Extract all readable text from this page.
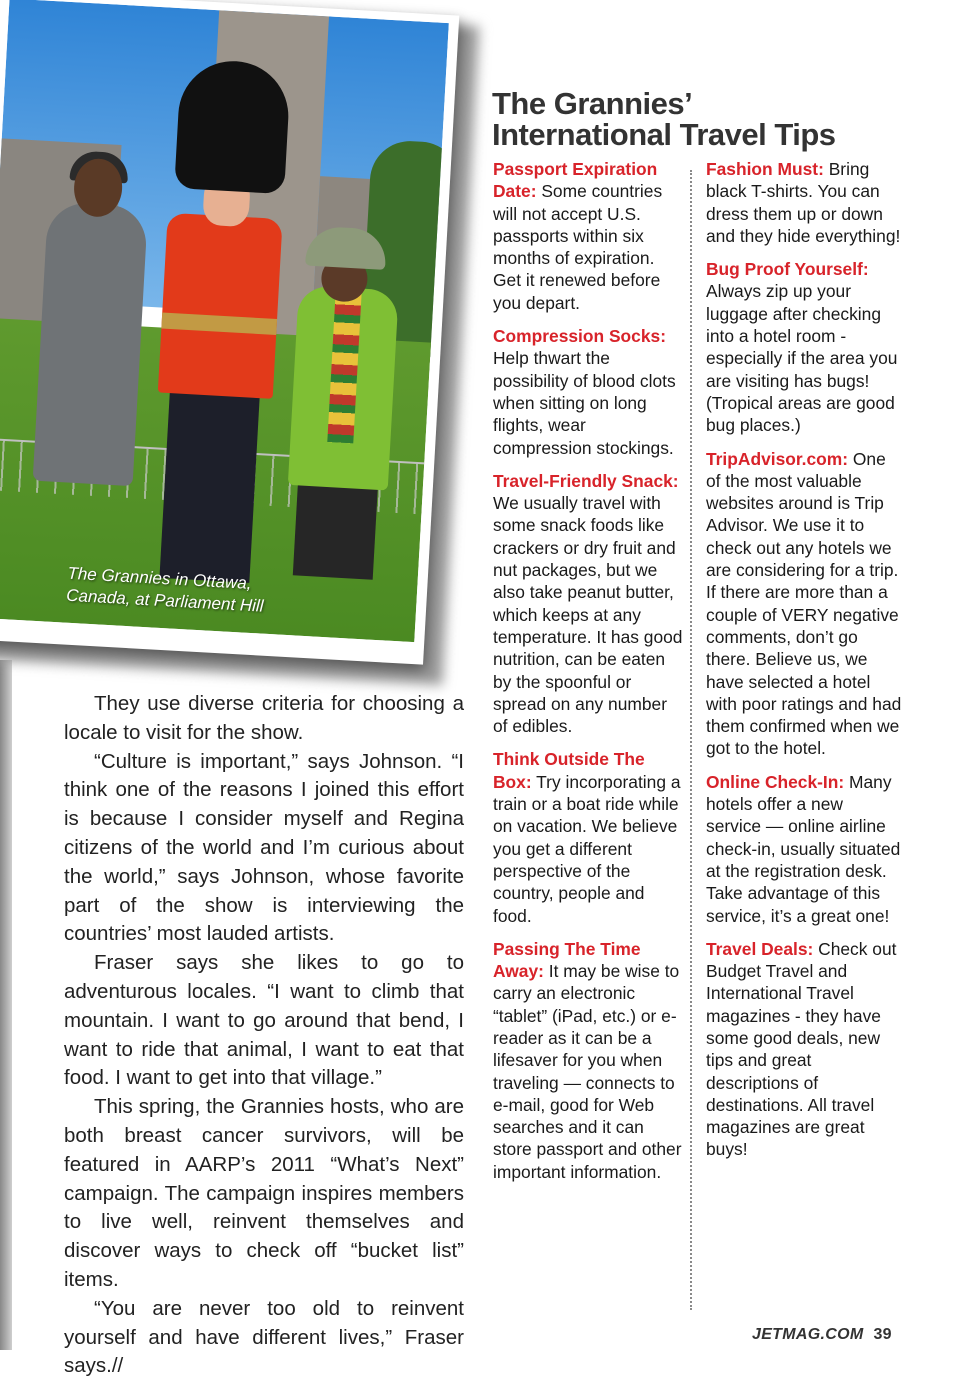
The Grannies in Ottawa,
Canada, at Parliament Hill

They use diverse criteria for choosing a locale to visit for the show.

“Culture is important,” says Johnson. “I think one of the reasons I joined this effort is because I consider myself and Regina citizens of the world and I’m curious about the world,” says Johnson, whose favorite part of the show is interviewing the countries’ most lauded artists.

Fraser says she likes to go to adventurous locales. “I want to climb that mountain. I want to go around that bend, I want to ride that animal, I want to eat that food. I want to get into that village.”

This spring, the Grannies hosts, who are both breast cancer survivors, will be featured in AARP’s 2011 “What’s Next” campaign. The campaign inspires members to live well, reinvent themselves and discover ways to check off “bucket list” items.

“You are never too old to reinvent yourself and have different lives,” Fraser says.//

The Grannies’
International Travel Tips

Passport Expiration Date: Some countries will not accept U.S. passports within six months of expiration. Get it renewed before you depart.

Compression Socks: Help thwart the possibility of blood clots when sitting on long flights, wear compression stockings.

Travel-Friendly Snack: We usually travel with some snack foods like crackers or dry fruit and nut packages, but we also take peanut butter, which keeps at any temperature. It has good nutrition, can be eaten by the spoonful or spread on any number of edibles.

Think Outside The Box: Try incorporating a train or a boat ride while on vacation. We believe you get a different perspective of the country, people and food.

Passing The Time Away: It may be wise to carry an electronic “tablet” (iPad, etc.) or e-reader as it can be a lifesaver for you when traveling — connects to e-mail, good for Web searches and it can store passport and other important information.

Fashion Must: Bring black T-shirts. You can dress them up or down and they hide everything!

Bug Proof Yourself: Always zip up your luggage after checking into a hotel room - especially if the area you are visiting has bugs! (Tropical areas are good bug places.)

TripAdvisor.com: One of the most valuable websites around is Trip Advisor. We use it to check out any hotels we are considering for a trip. If there are more than a couple of VERY negative comments, don’t go there. Believe us, we have selected a hotel with poor ratings and had them confirmed when we got to the hotel.

Online Check-In: Many hotels offer a new service — online airline check-in, usually situated at the registration desk. Take advantage of this service, it’s a great one!

Travel Deals: Check out Budget Travel and International Travel magazines - they have some good deals, new tips and great descriptions of destinations. All travel magazines are great buys!

JETMAG.COM 39
